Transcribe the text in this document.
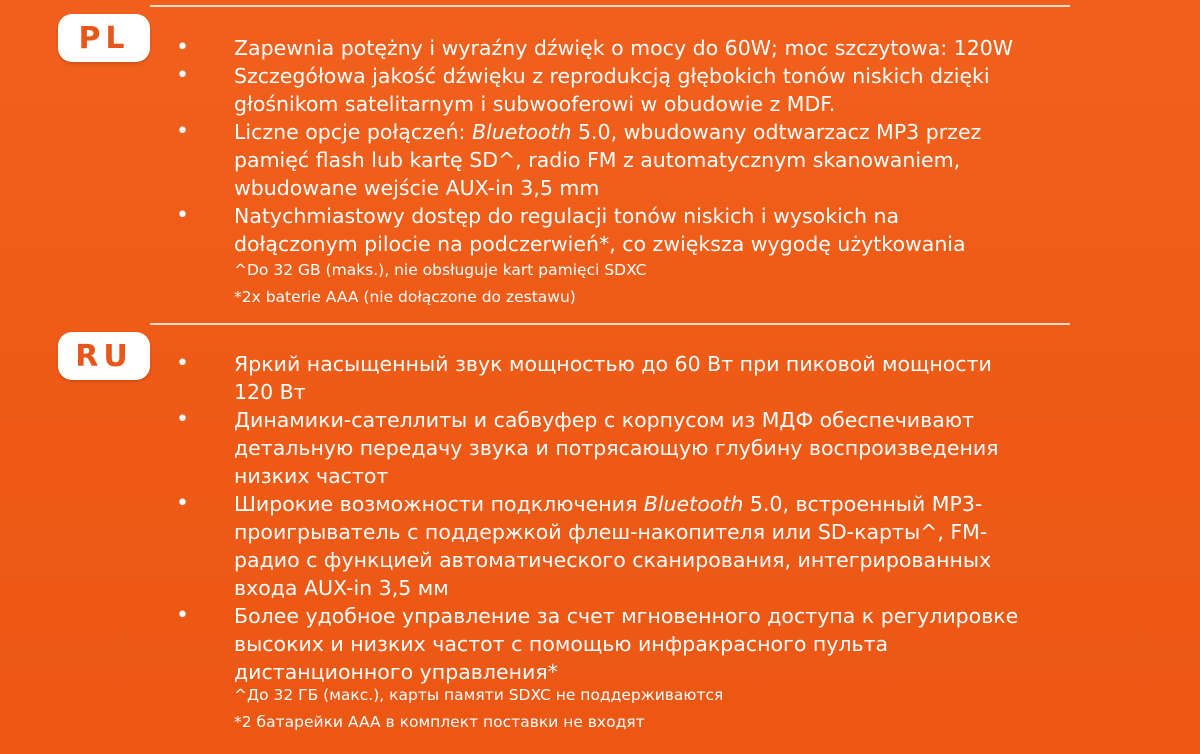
PL	• Zapewnia potężny i wyraźny dźwięk o mocy do 60W; moc szczytowa: 120W
• Szczegółowa jakość dźwięku z reprodukcją głębokich tonów niskich dzięki
głośnikom satelitarnym i subwooferowi w obudowie z MDF.
• Liczne opcje połączeń: Bluetooth 5.0, wbudowany odtwarzacz MP3 przez
pamięć flash lub kartę SD^, radio FM z automatycznym skanowaniem,
wbudowane wejście AUX-in 3,5 mm
• Natychmiastowy dostęp do regulacji tonów niskich i wysokich na
dołączonym pilocie na podczerwień*, co zwiększa wygodę użytkowania
^Do 32 GB (maks.), nie obsługuje kart pamięci SDXC
*2x baterie AAA (nie dołączone do zestawu)
RU	• Яркий насыщенный звук мощностью до 60 Вт при пиковой мощности
120 Вт
• Динамики-сателлиты и сабвуфер с корпусом из МДФ обеспечивают
детальную передачу звука и потрясающую глубину воспроизведения
низких частот
• Широкие возможности подключения Bluetooth 5.0, встроенный MP3-
проигрыватель с поддержкой флеш-накопителя или SD-карты^, FM-
радио с функцией автоматического сканирования, интегрированных
входа AUX-in 3,5 мм
• Более удобное управление за счет мгновенного доступа к регулировке
высоких и низких частот с помощью инфракрасного пульта
дистанционного управления*
^До 32 ГБ (макс.), карты памяти SDXC не поддерживаются
*2 батарейки AAA в комплект поставки не входят
